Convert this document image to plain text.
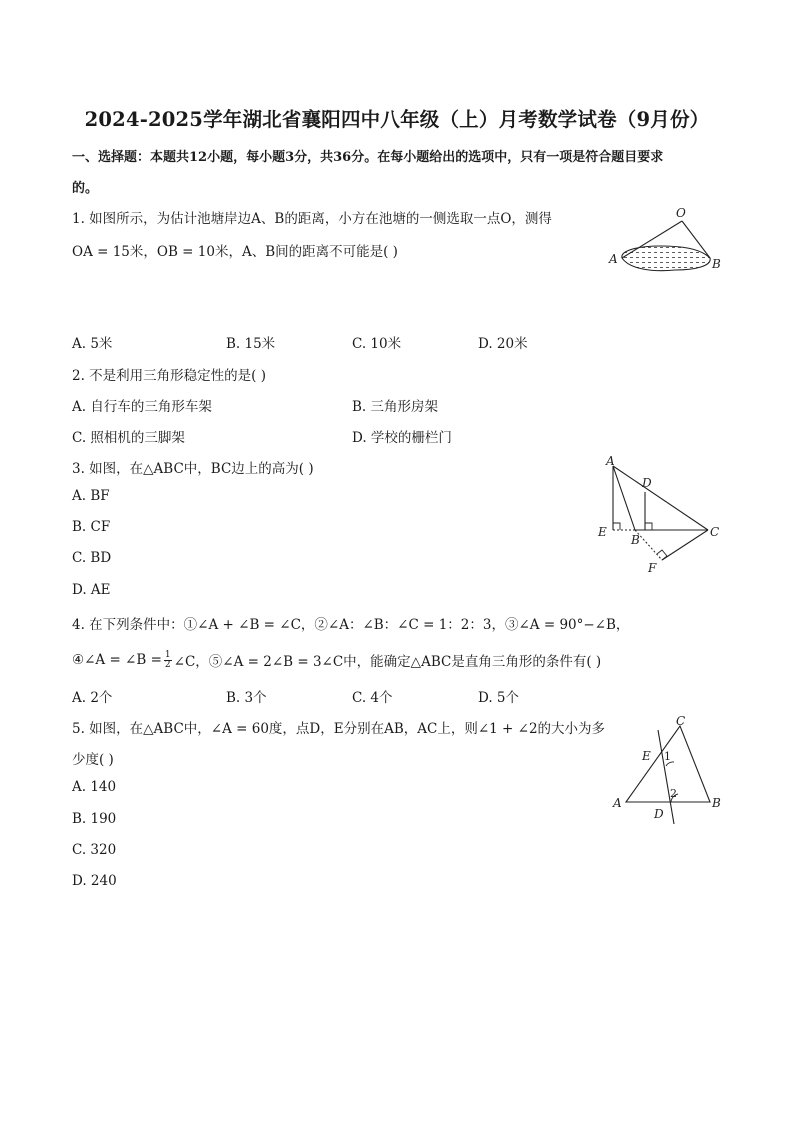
2024-2025学年湖北省襄阳四中八年级（上）月考数学试卷（9月份）
一、选择题：本题共12小题，每小题3分，共36分。在每小题给出的选项中，只有一项是符合题目要求
的。
1. 如图所示，为估计池塘岸边A、B的距离，小方在池塘的一侧选取一点O，测得
OA = 15米，OB = 10米，A、B间的距离不可能是( )
A. 5米	B. 15米	C. 10米	D. 20米
O
A	B
2. 不是利用三角形稳定性的是( )
A. 自行车的三角形车架	B. 三角形房架
C. 照相机的三脚架	D. 学校的栅栏门
3. 如图，在△ABC中，BC边上的高为( )
A. BF
B. CF
C. BD
D. AE
A
D
E
B
C
F
4. 在下列条件中：①∠A + ∠B = ∠C，②∠A：∠B：∠C = 1：2：3，③∠A = 90°−∠B，
④∠A = ∠B = $\frac{1}{2}$ ∠C，⑤∠A = 2∠B = 3∠C中，能确定△ABC是直角三角形的条件有( )
A. 2个	B. 3个	C. 4个	D. 5个
5. 如图，在△ABC中，∠A = 60度，点D，E分别在AB，AC上，则∠1 + ∠2的大小为多
少度( )
A. 140
B. 190
C. 320
D. 240
C
E 1
2
A
D
B
